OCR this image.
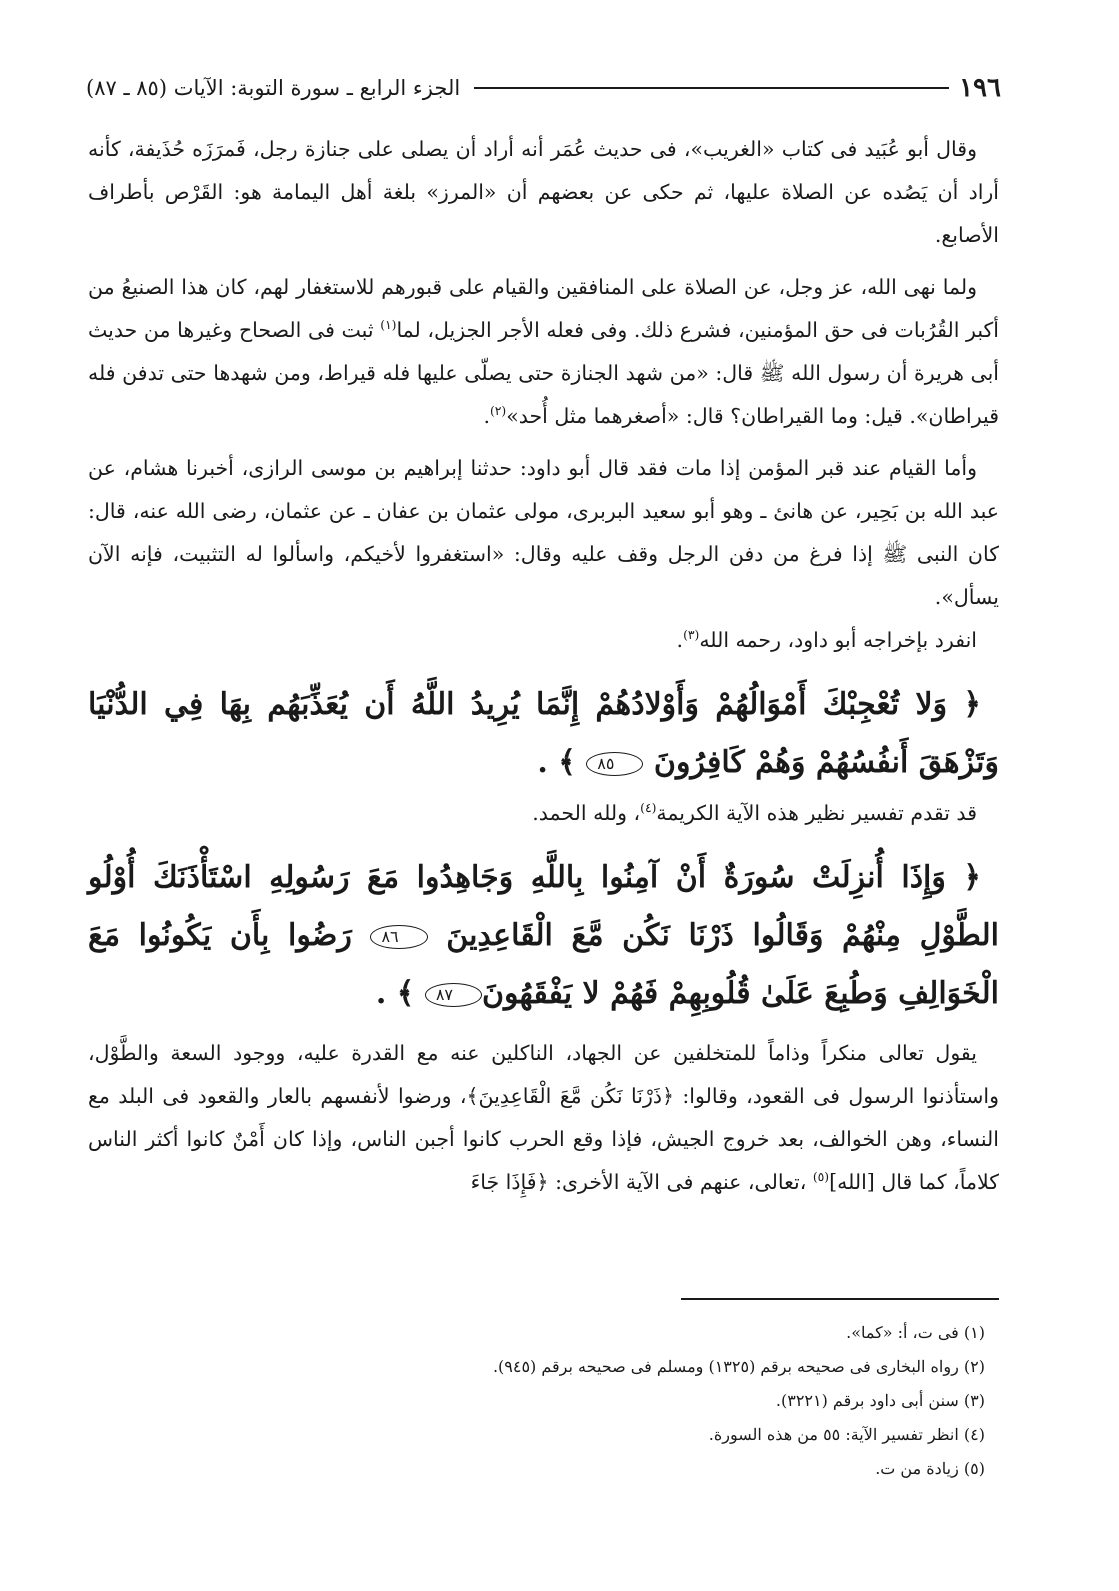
١٩٦
الجزء الرابع ـ سورة التوبة: الآيات (٨٥ ـ ٨٧)

وقال أبو عُبَيد فى كتاب «الغريب»، فى حديث عُمَر أنه أراد أن يصلى على جنازة رجل، فَمرَزَه حُذَيفة، كأنه أراد أن يَصُده عن الصلاة عليها، ثم حكى عن بعضهم أن «المرز» بلغة أهل اليمامة هو: القَرْص بأطراف الأصابع.

ولما نهى الله، عز وجل، عن الصلاة على المنافقين والقيام على قبورهم للاستغفار لهم، كان هذا الصنيعُ من أكبر القُرُبات فى حق المؤمنين، فشرع ذلك. وفى فعله الأجر الجزيل، لما$^{(١)}$ ثبت فى الصحاح وغيرها من حديث أبى هريرة أن رسول الله ﷺ قال: «من شهد الجنازة حتى يصلّى عليها فله قيراط، ومن شهدها حتى تدفن فله قيراطان». قيل: وما القيراطان؟ قال: «أصغرهما مثل أُحد»$^{(٢)}$.

وأما القيام عند قبر المؤمن إذا مات فقد قال أبو داود: حدثنا إبراهيم بن موسى الرازى، أخبرنا هشام، عن عبد الله بن بَحِير، عن هانئ ـ وهو أبو سعيد البربرى، مولى عثمان بن عفان ـ عن عثمان، رضى الله عنه، قال: كان النبى ﷺ إذا فرغ من دفن الرجل وقف عليه وقال: «استغفروا لأخيكم، واسألوا له التثبيت، فإنه الآن يسأل».

انفرد بإخراجه أبو داود، رحمه الله$^{(٣)}$.

﴿ وَلا تُعْجِبْكَ أَمْوَالُهُمْ وَأَوْلادُهُمْ إِنَّمَا يُرِيدُ اللَّهُ أَن يُعَذِّبَهُم بِهَا فِي الدُّنْيَا وَتَزْهَقَ أَنفُسُهُمْ وَهُمْ كَافِرُونَ ٨٥ ﴾ .

قد تقدم تفسير نظير هذه الآية الكريمة$^{(٤)}$، ولله الحمد.

﴿ وَإِذَا أُنزِلَتْ سُورَةٌ أَنْ آمِنُوا بِاللَّهِ وَجَاهِدُوا مَعَ رَسُولِهِ اسْتَأْذَنَكَ أُوْلُو الطَّوْلِ مِنْهُمْ وَقَالُوا ذَرْنَا نَكُن مَّعَ الْقَاعِدِينَ ٨٦ رَضُوا بِأَن يَكُونُوا مَعَ الْخَوَالِفِ وَطُبِعَ عَلَىٰ قُلُوبِهِمْ فَهُمْ لا يَفْقَهُونَ٨٧ ﴾ .

يقول تعالى منكراً وذاماً للمتخلفين عن الجهاد، الناكلين عنه مع القدرة عليه، ووجود السعة والطَّوْل، واستأذنوا الرسول فى القعود، وقالوا: ﴿ذَرْنَا نَكُن مَّعَ الْقَاعِدِينَ﴾، ورضوا لأنفسهم بالعار والقعود فى البلد مع النساء، وهن الخوالف، بعد خروج الجيش، فإذا وقع الحرب كانوا أجبن الناس، وإذا كان أَمْنٌ كانوا أكثر الناس كلاماً، كما قال [الله]$^{(٥)}$ ،تعالى، عنهم فى الآية الأخرى: ﴿فَإِذَا جَاءَ

(١) فى ت، أ: «كما».

(٢) رواه البخارى فى صحيحه برقم (١٣٢٥) ومسلم فى صحيحه برقم (٩٤٥).

(٣) سنن أبى داود برقم (٣٢٢١).

(٤) انظر تفسير الآية: ٥٥ من هذه السورة.

(٥) زيادة من ت.
